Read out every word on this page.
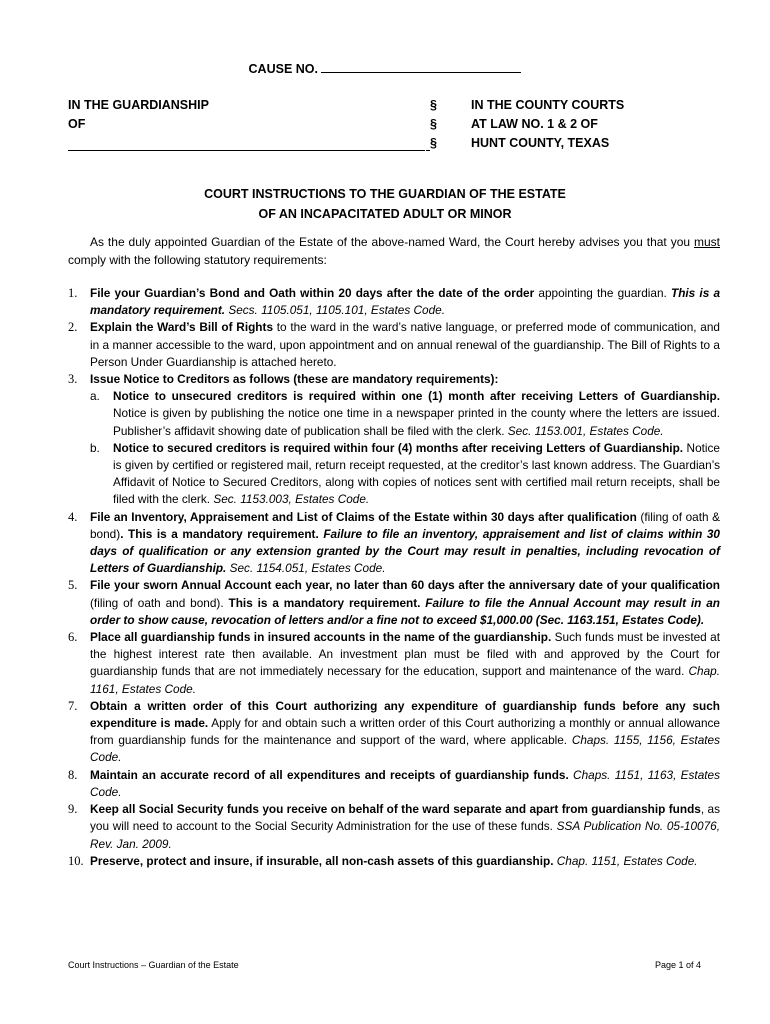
CAUSE NO.
IN THE GUARDIANSHIP
OF
§
§
§
IN THE COUNTY COURTS
AT LAW NO. 1 & 2 OF
HUNT COUNTY, TEXAS
COURT INSTRUCTIONS TO THE GUARDIAN OF THE ESTATE
OF AN INCAPACITATED ADULT OR MINOR
As the duly appointed Guardian of the Estate of the above-named Ward, the Court hereby advises you that you must comply with the following statutory requirements:
1. File your Guardian’s Bond and Oath within 20 days after the date of the order appointing the guardian. This is a mandatory requirement. Secs. 1105.051, 1105.101, Estates Code.
2. Explain the Ward’s Bill of Rights to the ward in the ward’s native language, or preferred mode of communication, and in a manner accessible to the ward, upon appointment and on annual renewal of the guardianship. The Bill of Rights to a Person Under Guardianship is attached hereto.
3. Issue Notice to Creditors as follows (these are mandatory requirements):
a. Notice to unsecured creditors is required within one (1) month after receiving Letters of Guardianship. Notice is given by publishing the notice one time in a newspaper printed in the county where the letters are issued. Publisher’s affidavit showing date of publication shall be filed with the clerk. Sec. 1153.001, Estates Code.
b. Notice to secured creditors is required within four (4) months after receiving Letters of Guardianship. Notice is given by certified or registered mail, return receipt requested, at the creditor’s last known address. The Guardian’s Affidavit of Notice to Secured Creditors, along with copies of notices sent with certified mail return receipts, shall be filed with the clerk. Sec. 1153.003, Estates Code.
4. File an Inventory, Appraisement and List of Claims of the Estate within 30 days after qualification (filing of oath & bond). This is a mandatory requirement. Failure to file an inventory, appraisement and list of claims within 30 days of qualification or any extension granted by the Court may result in penalties, including revocation of Letters of Guardianship. Sec. 1154.051, Estates Code.
5. File your sworn Annual Account each year, no later than 60 days after the anniversary date of your qualification (filing of oath and bond). This is a mandatory requirement. Failure to file the Annual Account may result in an order to show cause, revocation of letters and/or a fine not to exceed $1,000.00 (Sec. 1163.151, Estates Code).
6. Place all guardianship funds in insured accounts in the name of the guardianship. Such funds must be invested at the highest interest rate then available. An investment plan must be filed with and approved by the Court for guardianship funds that are not immediately necessary for the education, support and maintenance of the ward. Chap. 1161, Estates Code.
7. Obtain a written order of this Court authorizing any expenditure of guardianship funds before any such expenditure is made. Apply for and obtain such a written order of this Court authorizing a monthly or annual allowance from guardianship funds for the maintenance and support of the ward, where applicable. Chaps. 1155, 1156, Estates Code.
8. Maintain an accurate record of all expenditures and receipts of guardianship funds. Chaps. 1151, 1163, Estates Code.
9. Keep all Social Security funds you receive on behalf of the ward separate and apart from guardianship funds, as you will need to account to the Social Security Administration for the use of these funds. SSA Publication No. 05-10076, Rev. Jan. 2009.
10. Preserve, protect and insure, if insurable, all non-cash assets of this guardianship. Chap. 1151, Estates Code.
Court Instructions – Guardian of the Estate	Page 1 of 4
